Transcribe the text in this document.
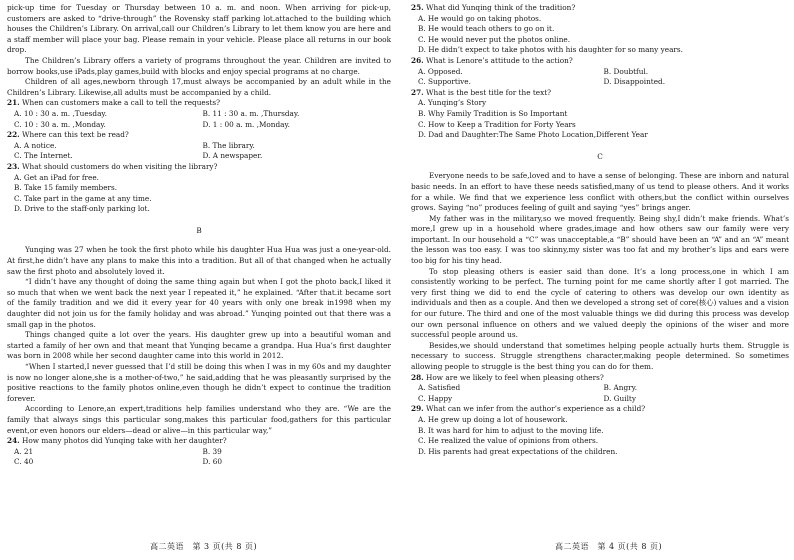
pick-up time for Tuesday or Thursday between 10 a. m. and noon. When arriving for pick-up, customers are asked to “drive-through” the Rovensky staff parking lot.attached to the building which houses the Children’s Library. On arrival,call our Children’s Library to let them know you are here and a staff member will place your bag. Please remain in your vehicle. Please place all returns in our book drop.

The Children’s Library offers a variety of programs throughout the year. Children are invited to borrow books,use iPads,play games,build with blocks and enjoy special programs at no charge.

Children of all ages,newborn through 17,must always be accompanied by an adult while in the Children’s Library. Likewise,all adults must be accompanied by a child.

21. When can customers make a call to tell the requests?
A. 10 : 30 a. m. ,Tuesday.	B. 11 : 30 a. m. ,Thursday.
C. 10 : 30 a. m. ,Monday.	D. 1 : 00 a. m. ,Monday.
22. Where can this text be read?
A. A notice.	B. The library.
C. The Internet.	D. A newspaper.
23. What should customers do when visiting the library?
A. Get an iPad for free.
B. Take 15 family members.
C. Take part in the game at any time.
D. Drive to the staff-only parking lot.
B

Yunqing was 27 when he took the first photo while his daughter Hua Hua was just a one-year-old. At first,he didn’t have any plans to make this into a tradition. But all of that changed when he actually saw the first photo and absolutely loved it.

“I didn’t have any thought of doing the same thing again but when I got the photo back,I liked it so much that when we went back the next year I repeated it,” he explained. “After that.it became sort of the family tradition and we did it every year for 40 years with only one break in1998 when my daughter did not join us for the family holiday and was abroad.” Yunqing pointed out that there was a small gap in the photos.

Things changed quite a lot over the years. His daughter grew up into a beautiful woman and started a family of her own and that meant that Yunqing became a grandpa. Hua Hua’s first daughter was born in 2008 while her second daughter came into this world in 2012.

“When I started,I never guessed that I’d still be doing this when I was in my 60s and my daughter is now no longer alone,she is a mother-of-two,” he said,adding that he was pleasantly surprised by the positive reactions to the family photos online,even though he didn’t expect to continue the tradition forever.

According to Lenore,an expert,traditions help families understand who they are. “We are the family that always sings this particular song,makes this particular food,gathers for this particular event,or even honors our elders—dead or alive—in this particular way,”

24. How many photos did Yunqing take with her daughter?
A. 21	B. 39
C. 40	D. 60
25. What did Yunqing think of the tradition?
A. He would go on taking photos.
B. He would teach others to go on it.
C. He would never put the photos online.
D. He didn’t expect to take photos with his daughter for so many years.
26. What is Lenore’s attitude to the action?
A. Opposed.	B. Doubtful.
C. Supportive.	D. Disappointed.
27. What is the best title for the text?
A. Yunqing’s Story
B. Why Family Tradition is So Important
C. How to Keep a Tradition for Forty Years
D. Dad and Daughter:The Same Photo Location,Different Year
C

Everyone needs to be safe,loved and to have a sense of belonging. These are inborn and natural basic needs. In an effort to have these needs satisfied,many of us tend to please others. And it works for a while. We find that we experience less conflict with others,but the conflict within ourselves grows. Saying “no” produces feeling of guilt and saying “yes” brings anger.

My father was in the military,so we moved frequently. Being shy,I didn’t make friends. What’s more,I grew up in a household where grades,image and how others saw our family were very important. In our household a “C” was unacceptable,a “B” should have been an “A” and an “A” meant the lesson was too easy. I was too skinny,my sister was too fat and my brother’s lips and ears were too big for his tiny head.

To stop pleasing others is easier said than done. It’s a long process,one in which I am consistently working to be perfect. The turning point for me came shortly after I got married. The very first thing we did to end the cycle of catering to others was develop our own identity as individuals and then as a couple. And then we developed a strong set of core(核心) values and a vision for our future. The third and one of the most valuable things we did during this process was develop our own personal influence on others and we valued deeply the opinions of the wiser and more successful people around us.

Besides,we should understand that sometimes helping people actually hurts them. Struggle is necessary to success. Struggle strengthens character,making people determined. So sometimes allowing people to struggle is the best thing you can do for them.

28. How are we likely to feel when pleasing others?
A. Satisfied	B. Angry.
C. Happy	D. Guilty
29. What can we infer from the author’s experience as a child?
A. He grew up doing a lot of housework.
B. It was hard for him to adjust to the moving life.
C. He realized the value of opinions from others.
D. His parents had great expectations of the children.
高二英语　第 3 页(共 8 页)	高二英语　第 4 页(共 8 页)
